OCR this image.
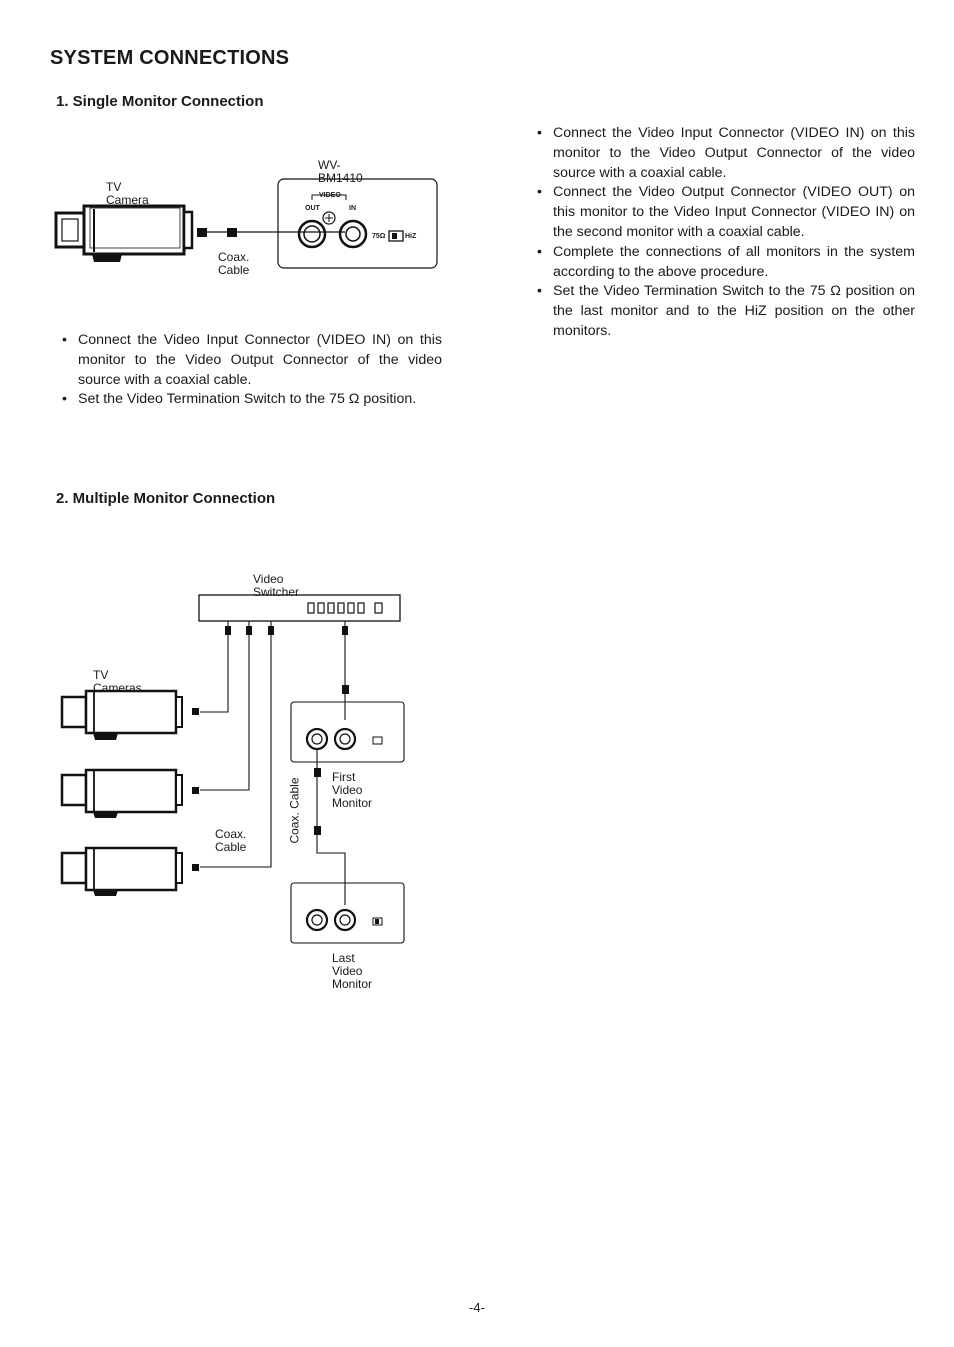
SYSTEM CONNECTIONS
1. Single Monitor Connection
TV Camera
WV-BM1410
VIDEO
OUT	IN
75Ω	HiZ
Coax.
Cable
• Connect the Video Input Connector (VIDEO IN) on this monitor to the Video Output Connector of the video source with a coaxial cable.
• Set the Video Termination Switch to the 75 Ω position.
• Connect the Video Input Connector (VIDEO IN) on this monitor to the Video Output Connector of the video source with a coaxial cable.
• Connect the Video Output Connector (VIDEO OUT) on this monitor to the Video Input Connector (VIDEO IN) on the second monitor with a coaxial cable.
• Complete the connections of all monitors in the system according to the above procedure.
• Set the Video Termination Switch to the 75 Ω position on the last monitor and to the HiZ position on the other monitors.
2. Multiple Monitor Connection
Video Switcher
TV Cameras
Coax.
Cable
Coax. Cable
First Video Monitor
Last Video Monitor
-4-
